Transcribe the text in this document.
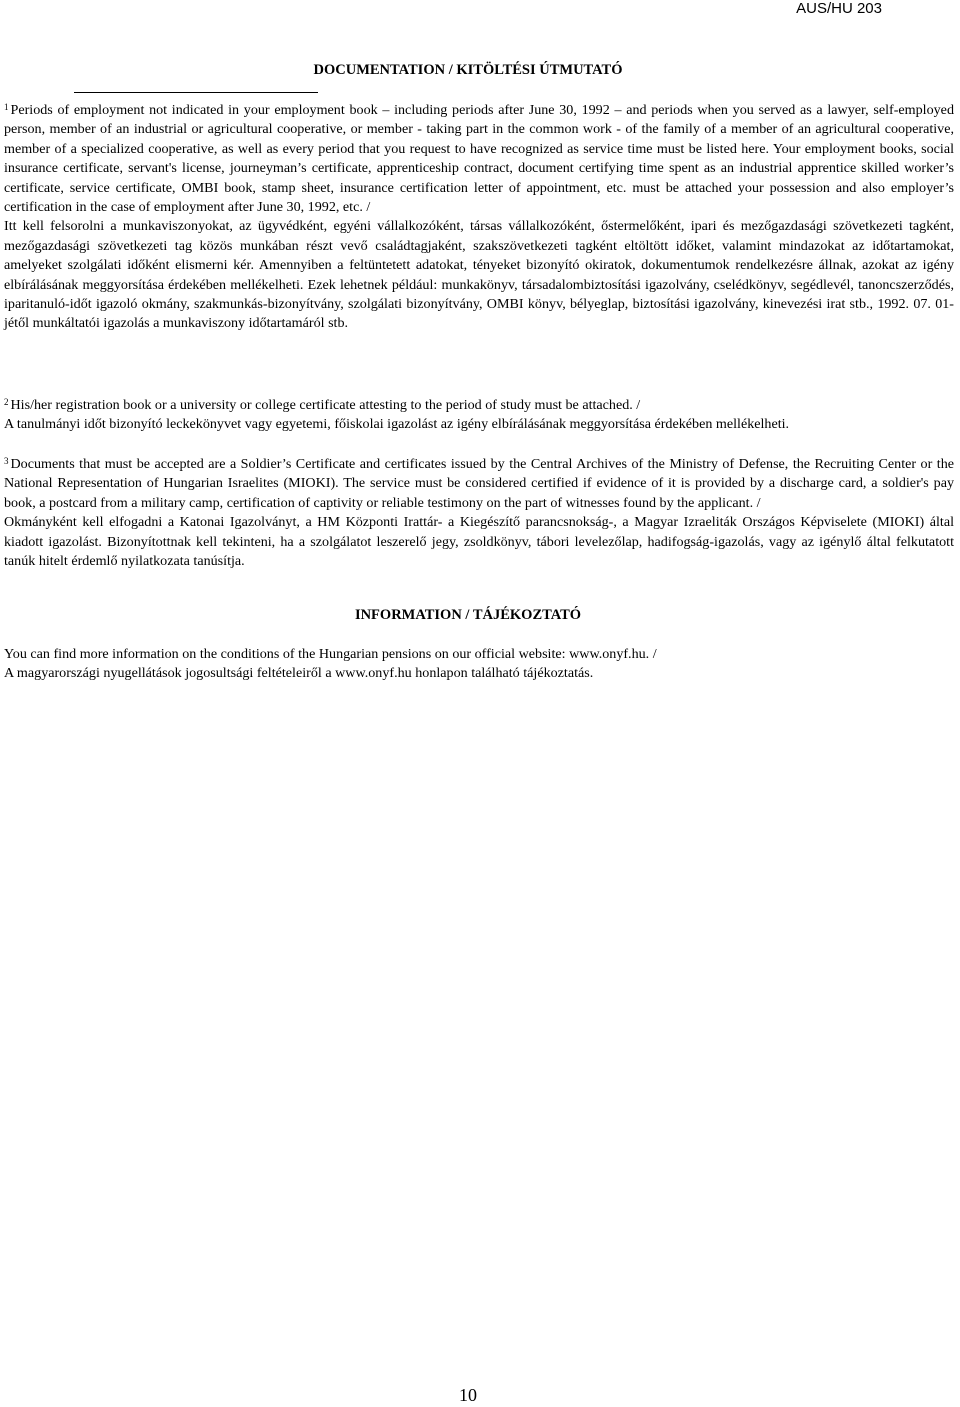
AUS/HU 203
DOCUMENTATION / KITÖLTÉSI ÚTMUTATÓ

$^1$ Periods of employment not indicated in your employment book – including periods after June 30, 1992 – and periods when you served as a lawyer, self-employed person, member of an industrial or agricultural cooperative, or member - taking part in the common work - of the family of a member of an agricultural cooperative, member of a specialized cooperative, as well as every period that you request to have recognized as service time must be listed here. Your employment books, social insurance certificate, servant's license, journeyman’s certificate, apprenticeship contract, document certifying time spent as an industrial apprentice skilled worker’s certificate, service certificate, OMBI book, stamp sheet, insurance certification letter of appointment, etc. must be attached your possession and also employer’s certification in the case of employment after June 30, 1992, etc. /
Itt kell felsorolni a munkaviszonyokat, az ügyvédként, egyéni vállalkozóként, társas vállalkozóként, őstermelőként, ipari és mezőgazdasági szövetkezeti tagként, mezőgazdasági szövetkezeti tag közös munkában részt vevő családtagjaként, szakszövetkezeti tagként eltöltött időket, valamint mindazokat az időtartamokat, amelyeket szolgálati időként elismerni kér. Amennyiben a feltüntetett adatokat, tényeket bizonyító okiratok, dokumentumok rendelkezésre állnak, azokat az igény elbírálásának meggyorsítása érdekében mellékelheti. Ezek lehetnek például: munkakönyv, társadalombiztosítási igazolvány, cselédkönyv, segédlevél, tanoncszerződés, iparitanuló-időt igazoló okmány, szakmunkás-bizonyítvány, szolgálati bizonyítvány, OMBI könyv, bélyeglap, biztosítási igazolvány, kinevezési irat stb., 1992. 07. 01-jétől munkáltatói igazolás a munkaviszony időtartamáról stb.

$^2$ His/her registration book or a university or college certificate attesting to the period of study must be attached. /
A tanulmányi időt bizonyító leckekönyvet vagy egyetemi, főiskolai igazolást az igény elbírálásának meggyorsítása érdekében mellékelheti.

$^3$ Documents that must be accepted are a Soldier’s Certificate and certificates issued by the Central Archives of the Ministry of Defense, the Recruiting Center or the National Representation of Hungarian Israelites (MIOKI). The service must be considered certified if evidence of it is provided by a discharge card, a soldier's pay book, a postcard from a military camp, certification of captivity or reliable testimony on the part of witnesses found by the applicant. /
Okmányként kell elfogadni a Katonai Igazolványt, a HM Központi Irattár- a Kiegészítő parancsnokság-, a Magyar Izraeliták Országos Képviselete (MIOKI) által kiadott igazolást. Bizonyítottnak kell tekinteni, ha a szolgálatot leszerelő jegy, zsoldkönyv, tábori levelezőlap, hadifogság-igazolás, vagy az igénylő által felkutatott tanúk hitelt érdemlő nyilatkozata tanúsítja.

INFORMATION / TÁJÉKOZTATÓ

You can find more information on the conditions of the Hungarian pensions on our official website: www.onyf.hu. /
A magyarországi nyugellátások jogosultsági feltételeiről a www.onyf.hu honlapon található tájékoztatás.

10
